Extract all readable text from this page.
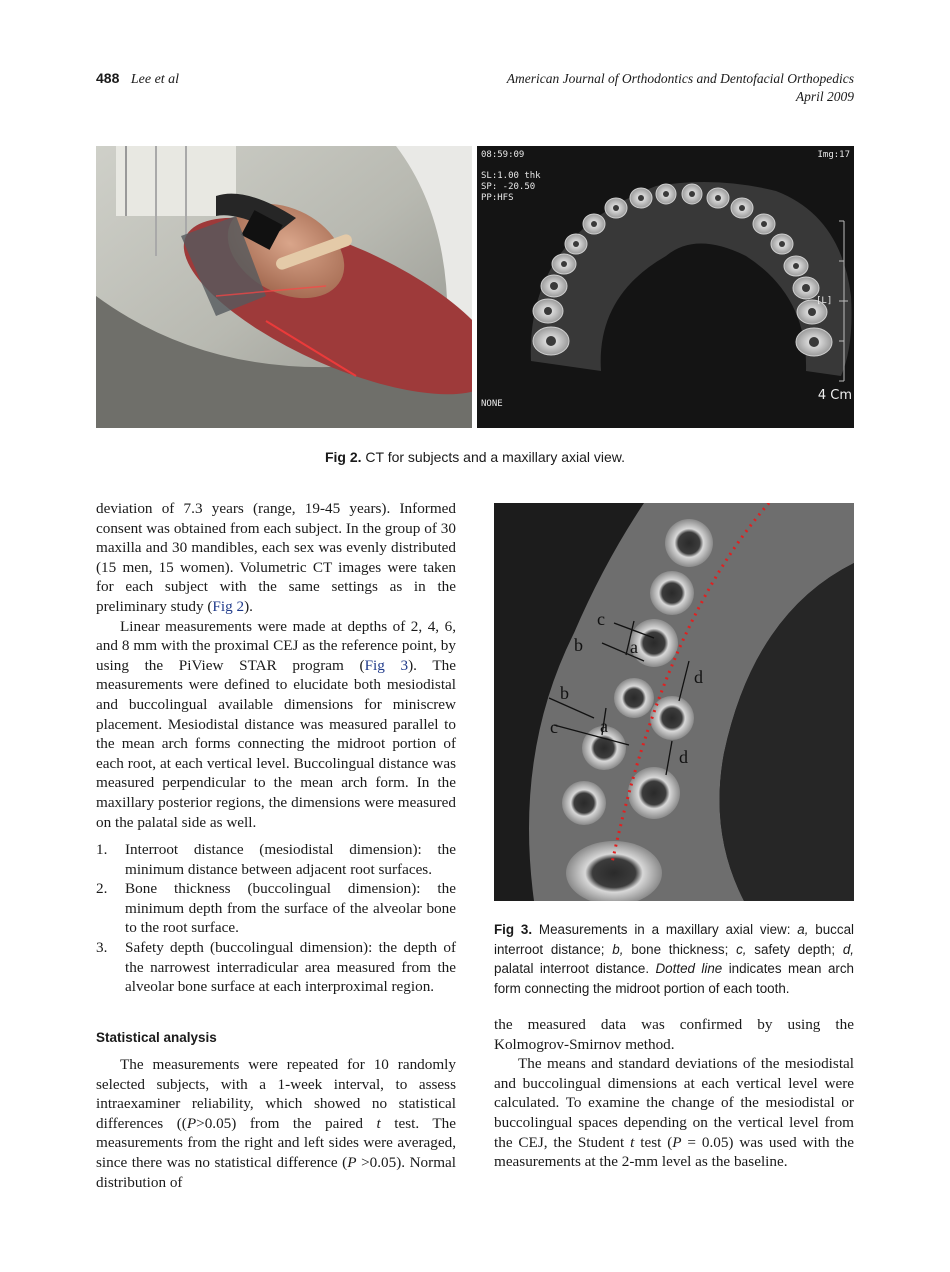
488 Lee et al	American Journal of Orthodontics and Dentofacial Orthopedics
April 2009
08:59:09	Img:17
SL:1.00 thk
SP: -20.50
PP:HFS
[L]
NONE
4 Cm
Fig 2. CT for subjects and a maxillary axial view.

deviation of 7.3 years (range, 19-45 years). Informed consent was obtained from each subject. In the group of 30 maxilla and 30 mandibles, each sex was evenly distributed (15 men, 15 women). Volumetric CT images were taken for each subject with the same settings as in the preliminary study (Fig 2).

Linear measurements were made at depths of 2, 4, 6, and 8 mm with the proximal CEJ as the reference point, by using the PiView STAR program (Fig 3). The measurements were defined to elucidate both mesiodistal and buccolingual available dimensions for miniscrew placement. Mesiodistal distance was measured parallel to the mean arch forms connecting the midroot portion of each root, at each vertical level. Buccolingual distance was measured perpendicular to the mean arch form. In the maxillary posterior regions, the dimensions were measured on the palatal side as well.

1. Interroot distance (mesiodistal dimension): the minimum distance between adjacent root surfaces.
2. Bone thickness (buccolingual dimension): the minimum depth from the surface of the alveolar bone to the root surface.
3. Safety depth (buccolingual dimension): the depth of the narrowest interradicular area measured from the alveolar bone surface at each interproximal region.
Statistical analysis

The measurements were repeated for 10 randomly selected subjects, with a 1-week interval, to assess intraexaminer reliability, which showed no statistical differences ((P>0.05) from the paired t test. The measurements from the right and left sides were averaged, since there was no statistical difference (P >0.05). Normal distribution of

c
b	a
d
b
c a
d
Fig 3. Measurements in a maxillary axial view: a, buccal interroot distance; b, bone thickness; c, safety depth; d, palatal interroot distance. Dotted line indicates mean arch form connecting the midroot portion of each tooth.

the measured data was confirmed by using the Kolmogrov-Smirnov method.

The means and standard deviations of the mesiodistal and buccolingual dimensions at each vertical level were calculated. To examine the change of the mesiodistal or buccolingual spaces depending on the vertical level from the CEJ, the Student t test (P = 0.05) was used with the measurements at the 2-mm level as the baseline.
